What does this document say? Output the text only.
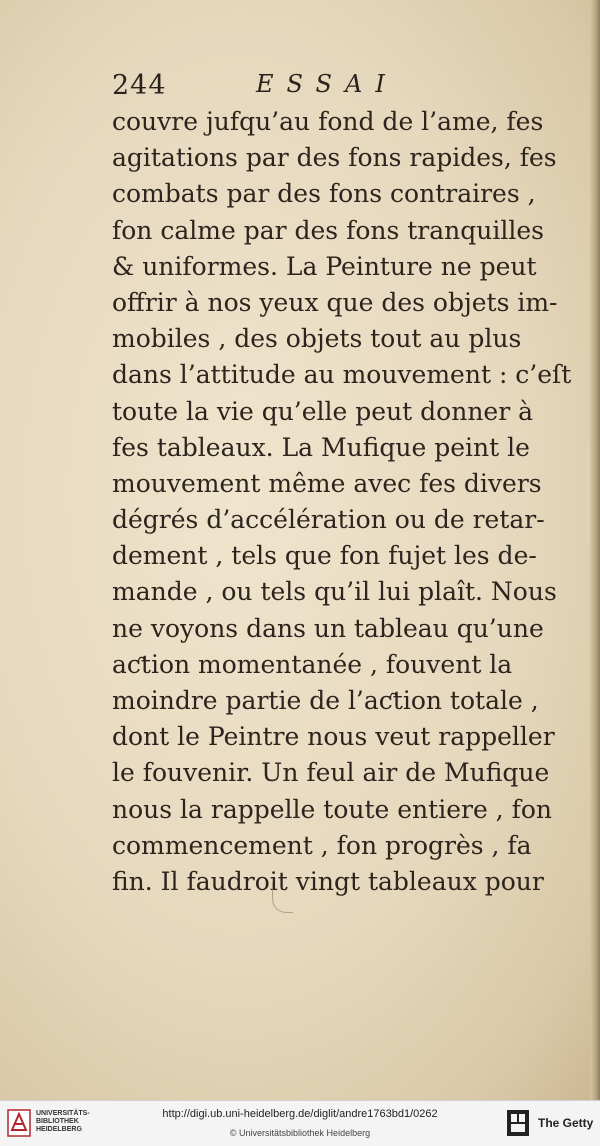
244	ESSAI
couvre jufqu’au fond de l’ame, fes
agitations par des fons rapides, fes
combats par des fons contraires ,
fon calme par des fons tranquilles
& uniformes. La Peinture ne peut
offrir à nos yeux que des objets im-
mobiles , des objets tout au plus
dans l’attitude au mouvement : c’eſt
toute la vie qu’elle peut donner à
fes tableaux. La Mufique peint le
mouvement même avec fes divers
dégrés d’accélération ou de retar-
dement , tels que fon fujet les de-
mande , ou tels qu’il lui plaît. Nous
ne voyons dans un tableau qu’une
aƈtion momentanée , fouvent la
moindre partie de l’aƈtion totale ,
dont le Peintre nous veut rappeller
le fouvenir. Un feul air de Mufique
nous la rappelle toute entiere , fon
commencement , fon progrès , fa
fin. Il faudroit vingt tableaux pour
UNIVERSITÄTS-
BIBLIOTHEK
HEIDELBERG
http://digi.ub.uni-heidelberg.de/diglit/andre1763bd1/0262
© Universitätsbibliothek Heidelberg
The Getty
